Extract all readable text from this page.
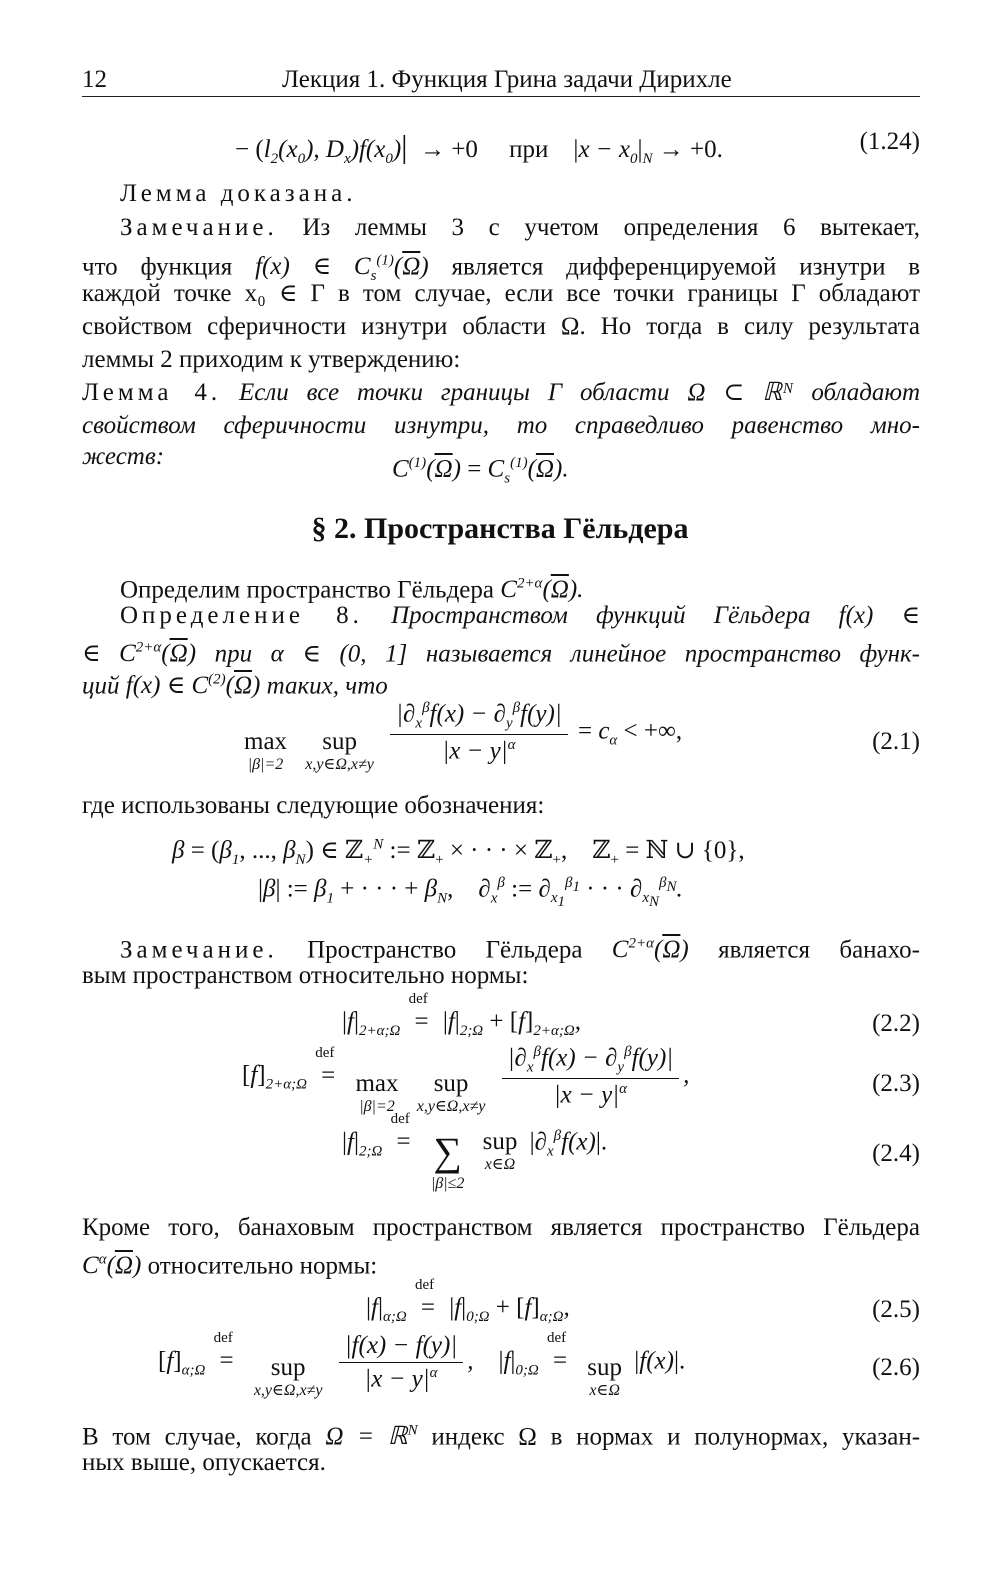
12	Лекция 1. Функция Грина задачи Дирихле
− ($l_2(x_0)$, $D_x)f(x_0)| \to +0$     при    $|x - x_0|_N \to +0$.	(1.24)
Лемма доказана.
Замечание. Из леммы 3 с учетом определения 6 вытекает,
что функция f(x) ∈ $C_s^{(1)}(\overline{\Omega})$ является дифференцируемой изнутри в
каждой точке x₀ ∈ Γ в том случае, если все точки границы Γ обладают
свойством сферичности изнутри области Ω. Но тогда в силу результата
леммы 2 приходим к утверждению:
Лемма 4. Если все точки границы Γ области Ω ⊂ ℝᴺ обладают
свойством сферичности изнутри, то справедливо равенство мно-
жеств:	$C^{(1)}(\overline{\Omega}) = C_s^{(1)}(\overline{\Omega})$.
§ 2. Пространства Гёльдера
Определим пространство Гёльдера $C^{2+\alpha}(\overline{\Omega})$.
Определение 8. Пространством функций Гёльдера f(x) ∈
∈ $C^{2+\alpha}(\overline{\Omega})$ при α ∈ (0, 1] называется линейное пространство функ-
ций f(x) ∈ $C^{(2)}(\overline{\Omega})$ таких, что
max
|β|=2

sup
x,y∈Ω,x≠y
$\frac{|\partial_x^\beta f(x) - \partial_y^\beta f(y)|}{|x - y|^\alpha} = c_\alpha$ < +∞,	(2.1)
где использованы следующие обозначения:
$\beta = (\beta_1$, ..., $\beta_N$) ∈ ℤ$_+^N$ := ℤ$_+$ × · · · × ℤ$_+$,    ℤ$_+$ = ℕ ∪ {0},
|β| := $\beta_1$ + · · · + $\beta_N$,    $\partial_x^\beta$ := $\partial_{x_1}^{\beta_1}$ · · · $\partial_{x_N}^{\beta_N}$.
Замечание. Пространство Гёльдера $C^{2+\alpha}(\overline{\Omega})$ является банахо-
вым пространством относительно нормы:
$|f|_{2+\alpha;\Omega}$ def = $|f|_{2;\Omega} + [f]_{2+\alpha;\Omega}$,	(2.2)
$[f]_{2+\alpha;\Omega}$ def = max
|β|=2

sup
x,y∈Ω,x≠y
$\frac{|\partial_x^\beta f(x) - \partial_y^\beta f(y)|}{|x - y|^\alpha}$ ,	(2.3)
$|f|_{2;\Omega}$ def = ∑
|β|≤2

sup
x∈Ω
$|\partial_x^\beta f(x)|$.	(2.4)
Кроме того, банаховым пространством является пространство Гёльдера
$C^\alpha(\overline{\Omega})$ относительно нормы:
$|f|_{\alpha;\Omega}$ def = $|f|_{0;\Omega} + [f]_{\alpha;\Omega}$,	(2.5)
$[f]_{\alpha;\Omega}$ def =	sup
x,y∈Ω,x≠y
$\frac{|f(x) - f(y)|}{|x - y|^\alpha}$ ,    $|f|_{0;\Omega}$ def = sup
x∈Ω
|f(x)|.	(2.6)
В том случае, когда Ω = ℝ$^N$ индекс Ω в нормах и полунормах, указан-
ных выше, опускается.
